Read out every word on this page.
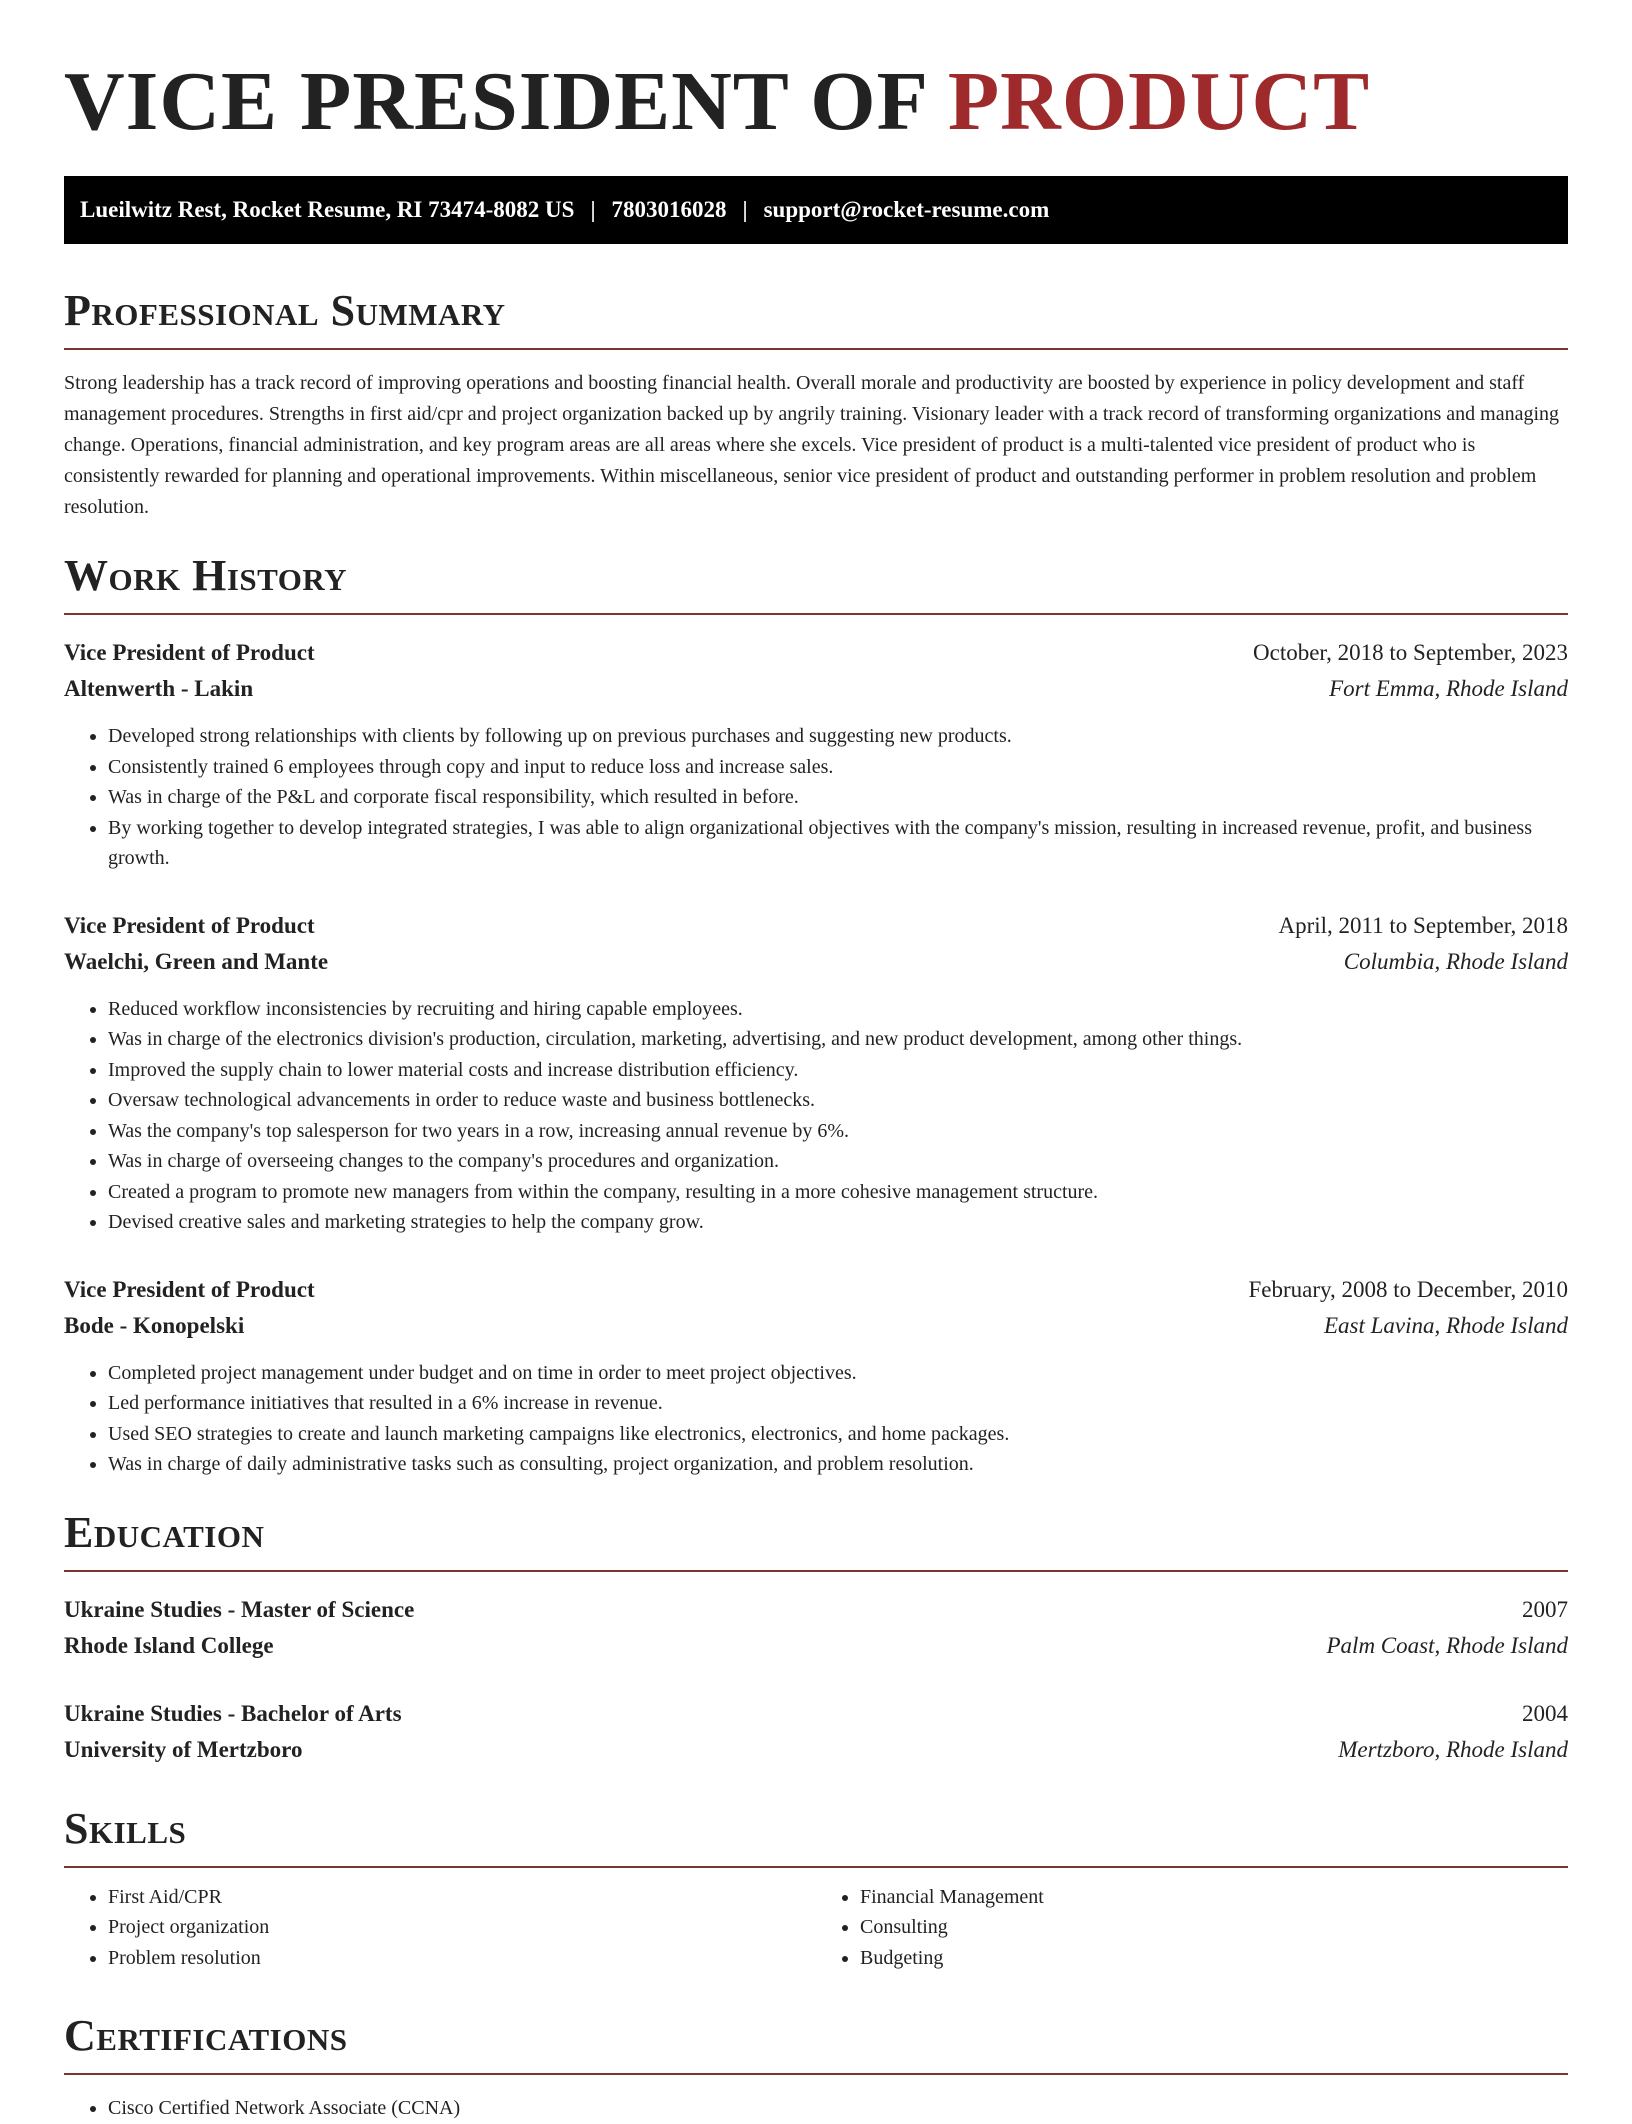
VICE PRESIDENT OF PRODUCT
Lueilwitz Rest, Rocket Resume, RI 73474-8082 US | 7803016028 | support@rocket-resume.com
Professional Summary

Strong leadership has a track record of improving operations and boosting financial health. Overall morale and productivity are boosted by experience in policy development and staff management procedures. Strengths in first aid/cpr and project organization backed up by angrily training. Visionary leader with a track record of transforming organizations and managing change. Operations, financial administration, and key program areas are all areas where she excels. Vice president of product is a multi-talented vice president of product who is consistently rewarded for planning and operational improvements. Within miscellaneous, senior vice president of product and outstanding performer in problem resolution and problem resolution.

Work History
Vice President of Product	October, 2018 to September, 2023
Altenwerth - Lakin	Fort Emma, Rhode Island
• Developed strong relationships with clients by following up on previous purchases and suggesting new products.
• Consistently trained 6 employees through copy and input to reduce loss and increase sales.
• Was in charge of the P&L and corporate fiscal responsibility, which resulted in before.
• By working together to develop integrated strategies, I was able to align organizational objectives with the company's mission, resulting in increased revenue, profit, and business growth.
Vice President of Product	April, 2011 to September, 2018
Waelchi, Green and Mante	Columbia, Rhode Island
• Reduced workflow inconsistencies by recruiting and hiring capable employees.
• Was in charge of the electronics division's production, circulation, marketing, advertising, and new product development, among other things.
• Improved the supply chain to lower material costs and increase distribution efficiency.
• Oversaw technological advancements in order to reduce waste and business bottlenecks.
• Was the company's top salesperson for two years in a row, increasing annual revenue by 6%.
• Was in charge of overseeing changes to the company's procedures and organization.
• Created a program to promote new managers from within the company, resulting in a more cohesive management structure.
• Devised creative sales and marketing strategies to help the company grow.
Vice President of Product	February, 2008 to December, 2010
Bode - Konopelski	East Lavina, Rhode Island
• Completed project management under budget and on time in order to meet project objectives.
• Led performance initiatives that resulted in a 6% increase in revenue.
• Used SEO strategies to create and launch marketing campaigns like electronics, electronics, and home packages.
• Was in charge of daily administrative tasks such as consulting, project organization, and problem resolution.
Education
Ukraine Studies - Master of Science	2007
Rhode Island College	Palm Coast, Rhode Island
Ukraine Studies - Bachelor of Arts	2004
University of Mertzboro	Mertzboro, Rhode Island
Skills
• First Aid/CPR
• Project organization
• Problem resolution
• Financial Management
• Consulting
• Budgeting
Certifications
• Cisco Certified Network Associate (CCNA)
